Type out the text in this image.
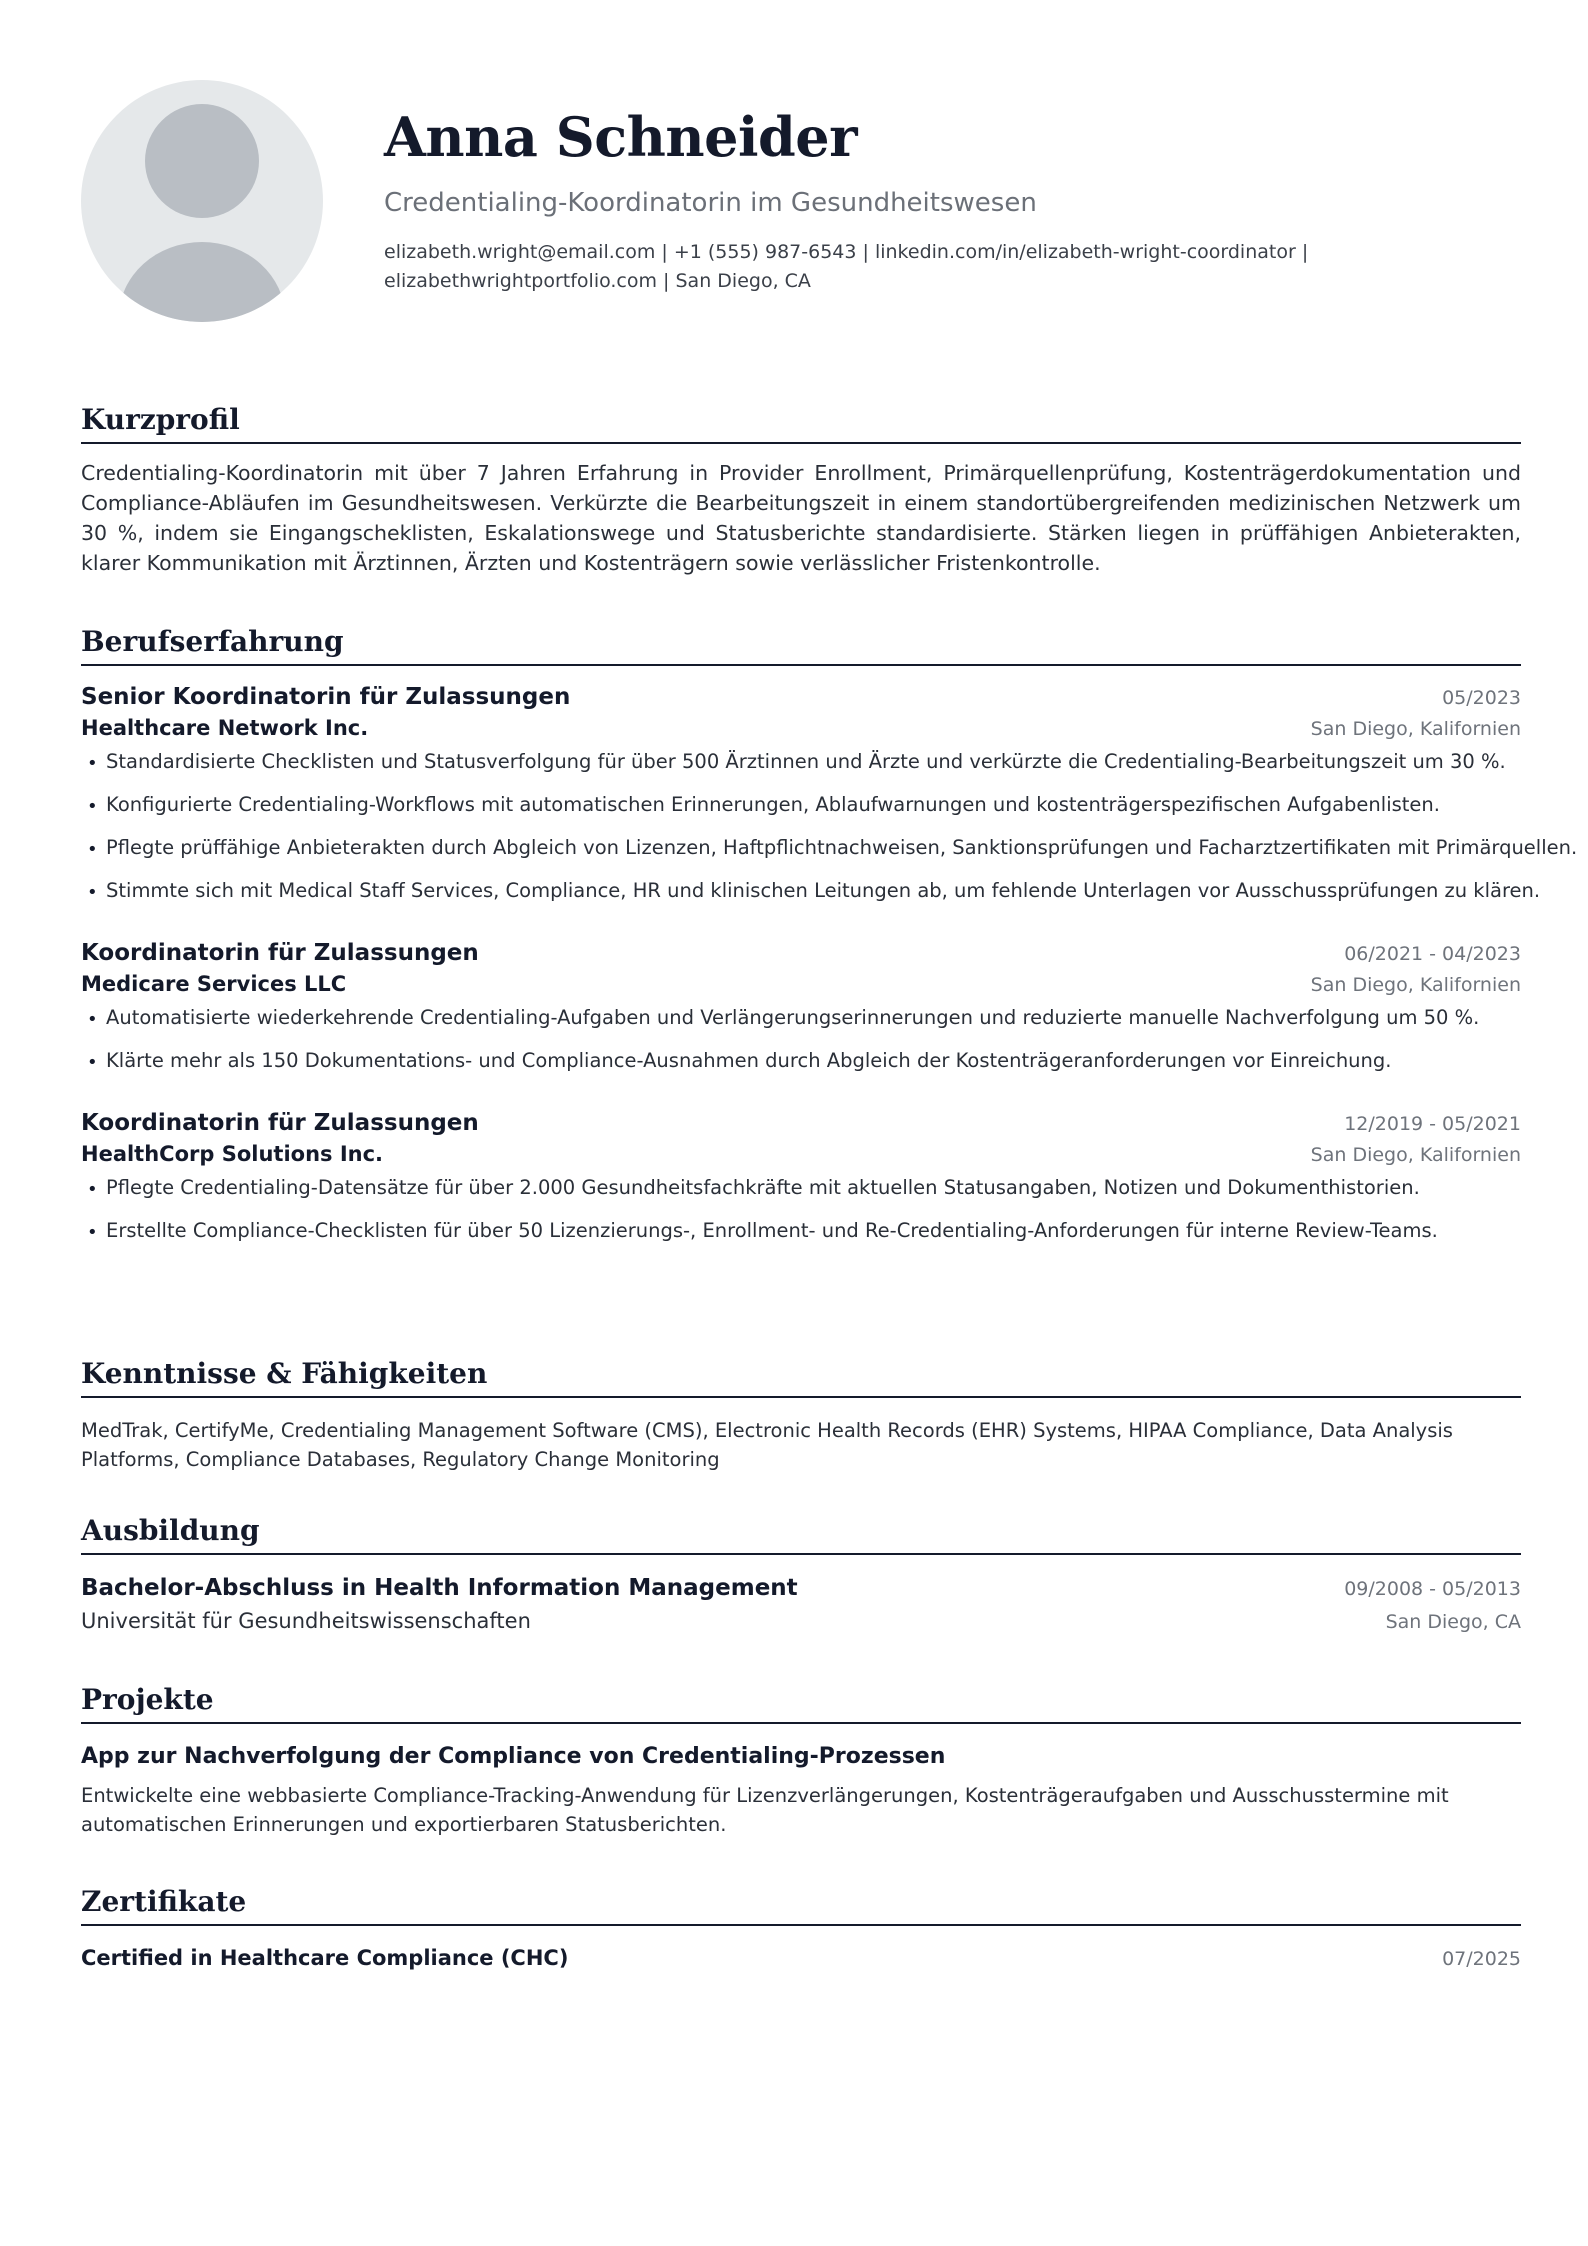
Anna Schneider
Credentialing-Koordinatorin im Gesundheitswesen
elizabeth.wright@email.com | +1 (555) 987-6543 | linkedin.com/in/elizabeth-wright-coordinator |
elizabethwrightportfolio.com | San Diego, CA
Kurzprofil
Credentialing-Koordinatorin mit über 7 Jahren Erfahrung in Provider Enrollment, Primärquellenprüfung, Kostenträgerdokumentation und Compliance-Abläufen im Gesundheitswesen. Verkürzte die Bearbeitungszeit in einem standortübergreifenden medizinischen Netzwerk um 30 %, indem sie Eingangscheklisten, Eskalationswege und Statusberichte standardisierte. Stärken liegen in prüffähigen Anbieterakten, klarer Kommunikation mit Ärztinnen, Ärzten und Kostenträgern sowie verlässlicher Fristenkontrolle.
Berufserfahrung
Senior Koordinatorin für Zulassungen	05/2023
Healthcare Network Inc.	San Diego, Kalifornien
• Standardisierte Checklisten und Statusverfolgung für über 500 Ärztinnen und Ärzte und verkürzte die Credentialing-Bearbeitungszeit um 30 %.
• Konfigurierte Credentialing-Workflows mit automatischen Erinnerungen, Ablaufwarnungen und kostenträgerspezifischen Aufgabenlisten.
• Pflegte prüffähige Anbieterakten durch Abgleich von Lizenzen, Haftpflichtnachweisen, Sanktionsprüfungen und Facharztzertifikaten mit Primärquellen.
• Stimmte sich mit Medical Staff Services, Compliance, HR und klinischen Leitungen ab, um fehlende Unterlagen vor Ausschussprüfungen zu klären.
Koordinatorin für Zulassungen	06/2021 - 04/2023
Medicare Services LLC	San Diego, Kalifornien
• Automatisierte wiederkehrende Credentialing-Aufgaben und Verlängerungserinnerungen und reduzierte manuelle Nachverfolgung um 50 %.
• Klärte mehr als 150 Dokumentations- und Compliance-Ausnahmen durch Abgleich der Kostenträgeranforderungen vor Einreichung.
Koordinatorin für Zulassungen	12/2019 - 05/2021
HealthCorp Solutions Inc.	San Diego, Kalifornien
• Pflegte Credentialing-Datensätze für über 2.000 Gesundheitsfachkräfte mit aktuellen Statusangaben, Notizen und Dokumenthistorien.
• Erstellte Compliance-Checklisten für über 50 Lizenzierungs-, Enrollment- und Re-Credentialing-Anforderungen für interne Review-Teams.
Kenntnisse & Fähigkeiten
MedTrak, CertifyMe, Credentialing Management Software (CMS), Electronic Health Records (EHR) Systems, HIPAA Compliance, Data Analysis Platforms, Compliance Databases, Regulatory Change Monitoring
Ausbildung
Bachelor-Abschluss in Health Information Management	09/2008 - 05/2013
Universität für Gesundheitswissenschaften	San Diego, CA
Projekte
App zur Nachverfolgung der Compliance von Credentialing-Prozessen
Entwickelte eine webbasierte Compliance-Tracking-Anwendung für Lizenzverlängerungen, Kostenträgeraufgaben und Ausschusstermine mit automatischen Erinnerungen und exportierbaren Statusberichten.
Zertifikate
Certified in Healthcare Compliance (CHC)	07/2025
